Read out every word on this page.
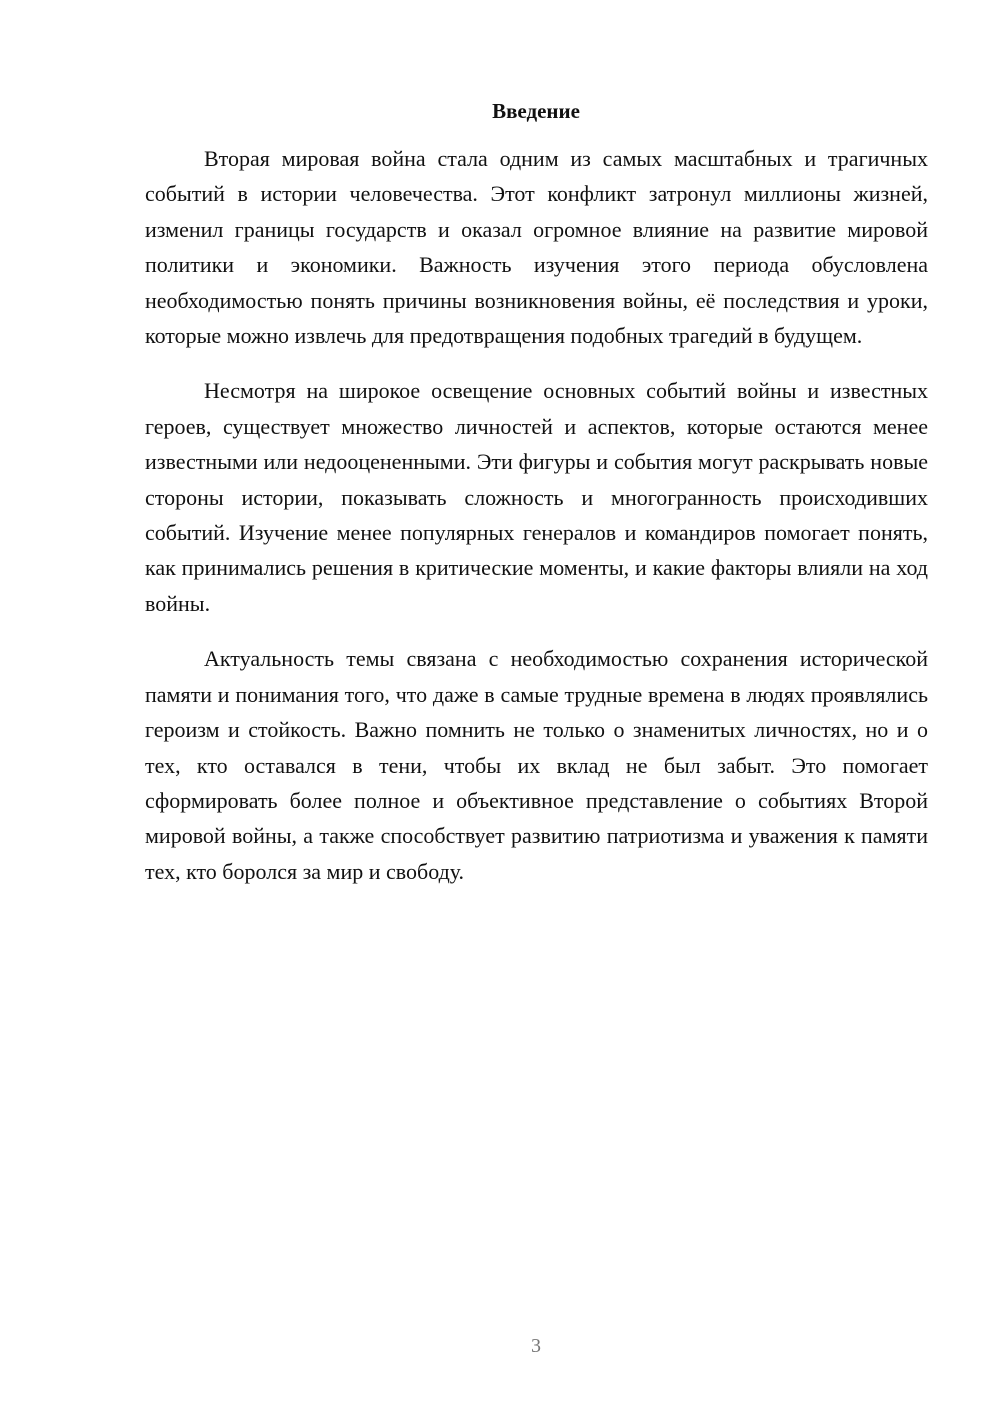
Введение

Вторая мировая война стала одним из самых масштабных и трагичных событий в истории человечества. Этот конфликт затронул миллионы жизней, изменил границы государств и оказал огромное влияние на развитие мировой политики и экономики. Важность изучения этого периода обусловлена необходимостью понять причины возникновения войны, её последствия и уроки, которые можно извлечь для предотвращения подобных трагедий в будущем.

Несмотря на широкое освещение основных событий войны и известных героев, существует множество личностей и аспектов, которые остаются менее известными или недооцененными. Эти фигуры и события могут раскрывать новые стороны истории, показывать сложность и многогранность происходивших событий. Изучение менее популярных генералов и командиров помогает понять, как принимались решения в критические моменты, и какие факторы влияли на ход войны.

Актуальность темы связана с необходимостью сохранения исторической памяти и понимания того, что даже в самые трудные времена в людях проявлялись героизм и стойкость. Важно помнить не только о знаменитых личностях, но и о тех, кто оставался в тени, чтобы их вклад не был забыт. Это помогает сформировать более полное и объективное представление о событиях Второй мировой войны, а также способствует развитию патриотизма и уважения к памяти тех, кто боролся за мир и свободу.

3
